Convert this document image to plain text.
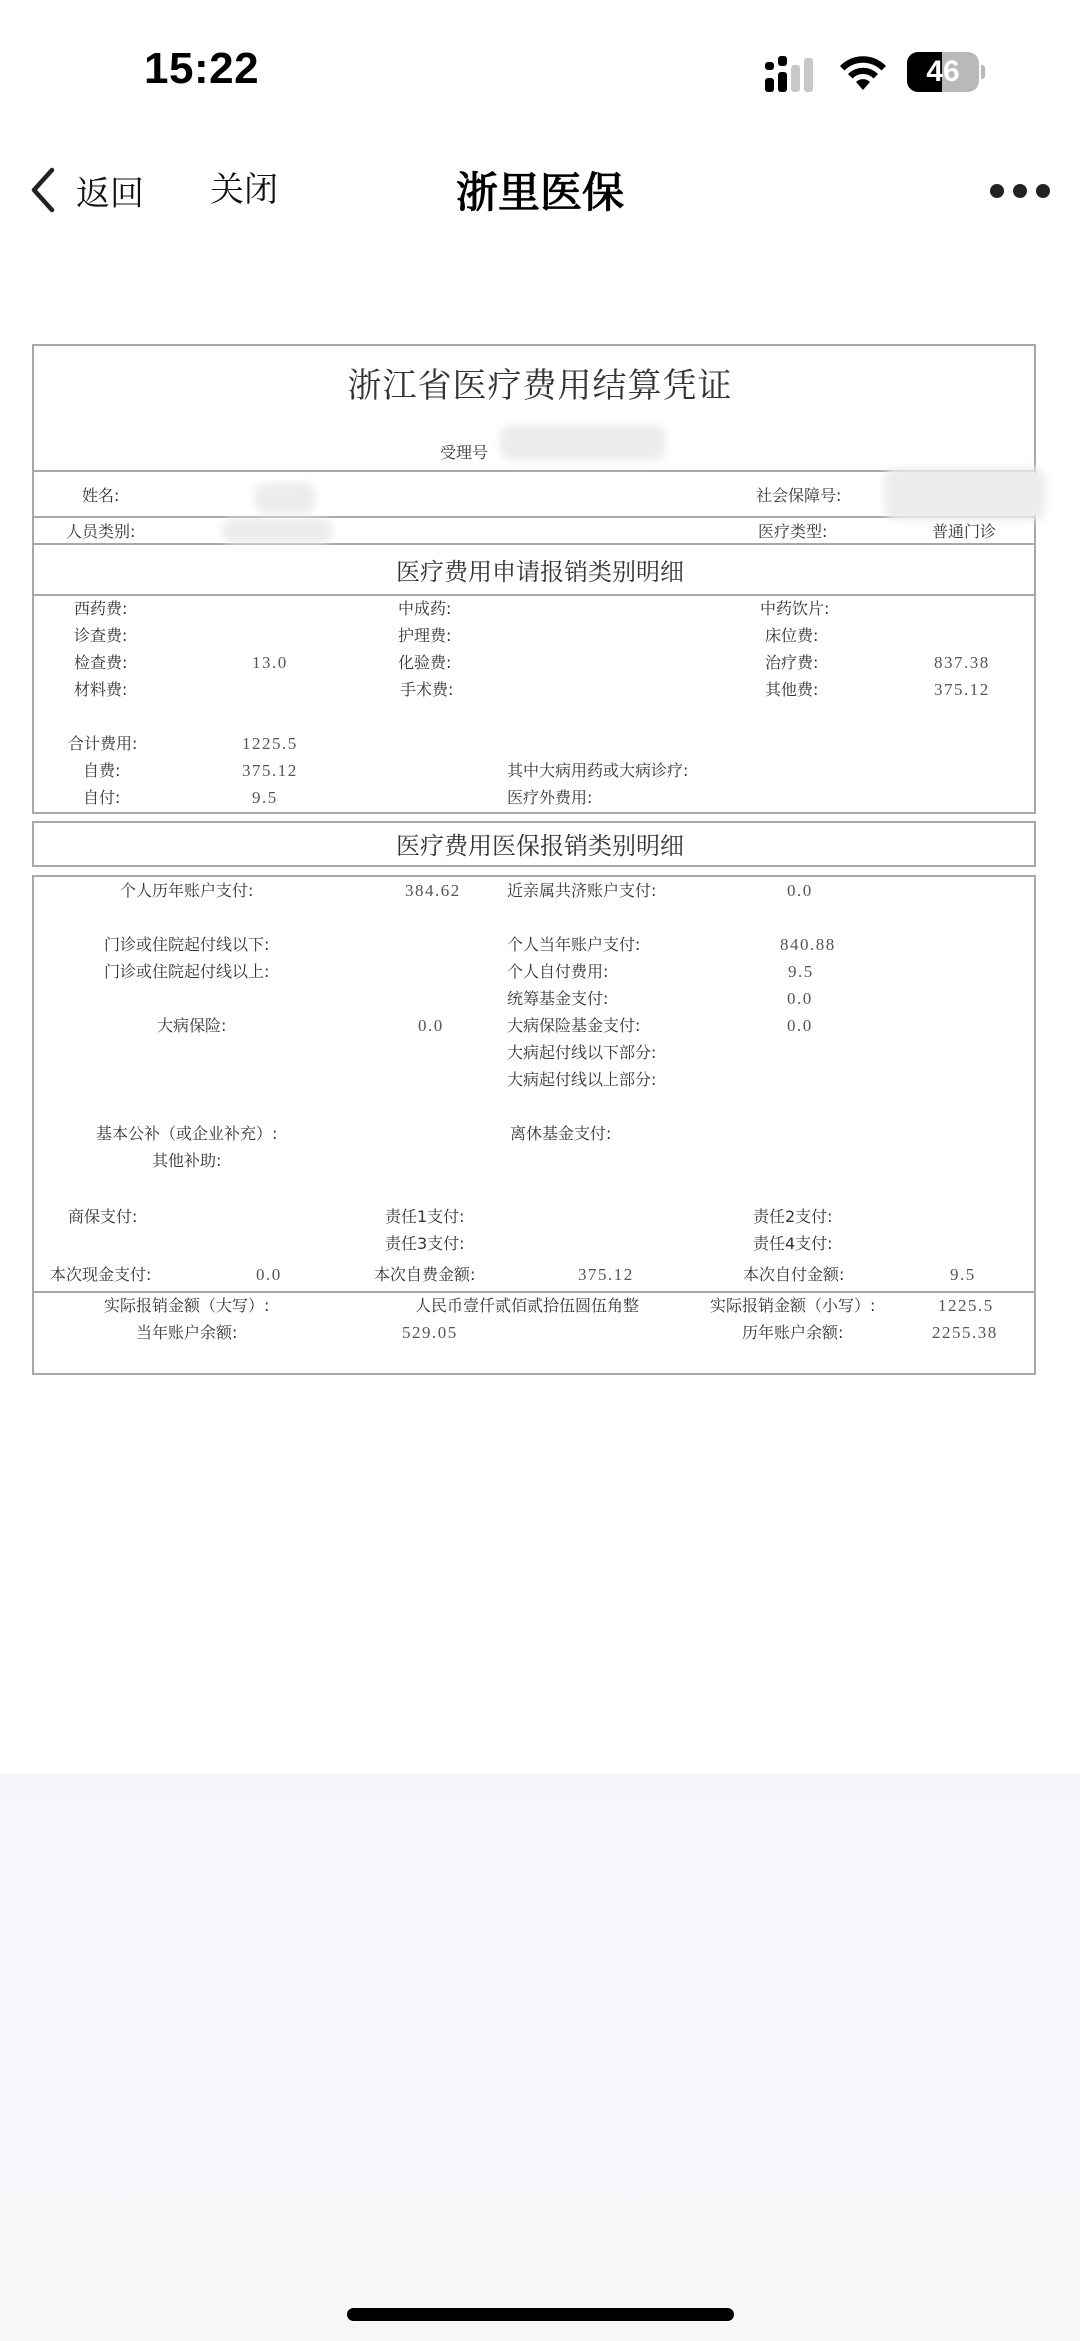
15:22	46
返回 关闭	浙里医保
浙江省医疗费用结算凭证
受理号
姓名:	社会保障号:
人员类别:	医疗类型:	普通门诊
医疗费用申请报销类别明细
西药费:	中成药:	中药饮片:
诊查费:	护理费:	床位费:
检查费:	13.0	化验费:	治疗费:	837.38
材料费:	手术费:	其他费:	375.12
合计费用:	1225.5
自费:	375.12	其中大病用药或大病诊疗:
自付:	9.5	医疗外费用:
医疗费用医保报销类别明细
个人历年账户支付:	384.62	近亲属共济账户支付:	0.0
门诊或住院起付线以下:	个人当年账户支付:	840.88
门诊或住院起付线以上:	个人自付费用:	9.5
统筹基金支付:	0.0
大病保险:	0.0	大病保险基金支付:	0.0
大病起付线以下部分:
大病起付线以上部分:
基本公补（或企业补充）:	离休基金支付:
其他补助:
商保支付:	责任1支付:	责任2支付:
责任3支付:	责任4支付:
本次现金支付:	0.0	本次自费金额:	375.12	本次自付金额:	9.5
实际报销金额（大写）:	人民币壹仟贰佰贰拾伍圆伍角整	实际报销金额（小写）:	1225.5
当年账户余额:	529.05	历年账户余额:	2255.38
